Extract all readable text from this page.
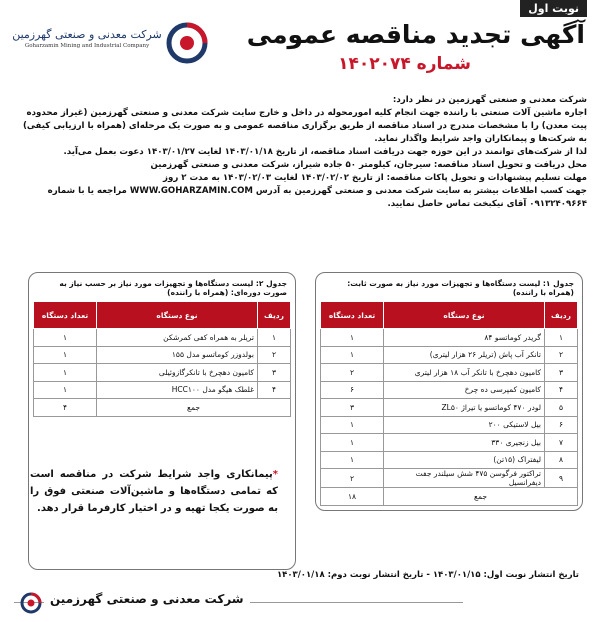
نوبت اول
آگهی تجدید مناقصه عمومی
شماره ۱۴۰۲۰۷۴
شرکت معدنی و صنعتی گهرزمین
Goharzamin Mining and Industrial Company

شرکت معدنی و صنعتی گهرزمین در نظر دارد:

اجاره ماشین آلات صنعتی با راننده جهت انجام کلیه امورمحوله در داخل و خارج سایت شرکت معدنی و صنعتی گهرزمین (غیراز محدوده پیت معدن) را با مشخصات مندرج در اسناد مناقصه از طریق برگزاری مناقصه عمومی و به صورت یک مرحله‌ای (همراه با ارزیابی کیفی) به شرکت‌ها و پیمانکاران واجد شرایط واگذار نماید.

لذا از شرکت‌های توانمند در این حوزه جهت دریافت اسناد مناقصه، از تاریخ ۱۴۰۳/۰۱/۱۸ لغایت ۱۴۰۳/۰۱/۲۷ دعوت بعمل می‌آید.

محل دریافت و تحویل اسناد مناقصه: سیرجان، کیلومتر ۵۰ جاده شیراز، شرکت معدنی و صنعتی گهرزمین

مهلت تسلیم پیشنهادات و تحویل پاکات مناقصه: از تاریخ ۱۴۰۳/۰۲/۰۲ لغایت ۱۴۰۳/۰۲/۰۳ به مدت ۲ روز

جهت کسب اطلاعات بیشتر به سایت شرکت معدنی و صنعتی گهرزمین به آدرس WWW.GOHARZAMIN.COM مراجعه یا با شماره ۰۹۱۳۲۴۰۹۶۶۴ آقای نیکبخت تماس حاصل نمایید.

جدول ۱: لیست دستگاه‌ها و تجهیزات مورد نیاز به صورت ثابت: (همراه با راننده)
ردیف	نوع دستگاه	تعداد دستگاه
۱	گریدر کوماتسو ۸۴	۱
۲	تانکر آب پاش (تریلر ۲۶ هزار لیتری)	۱
۳	کامیون دهچرخ با تانکر آب ۱۸ هزار لیتری	۲
۴	کامیون کمپرسی ده چرخ	۶
۵	لودر ۴۷۰ کوماتسو یا تیراژ ZL۵۰	۳
۶	بیل لاستیکی ۲۰۰	۱
۷	بیل زنجیری ۳۳۰	۱
۸	لیفتراک (۱۵تن)	۱
۹	تراکتور فرگوسن ۴۷۵ شش سیلندر جفت دیفرانسیل	۲
جمع		۱۸
جدول ۲: لیست دستگاه‌ها و تجهیزات مورد نیاز بر حسب نیاز به صورت دوره‌ای: (همراه با راننده)
ردیف	نوع دستگاه	تعداد دستگاه
۱	تریلر به همراه کفی کمرشکن	۱
۲	بولدوزر کوماتسو مدل ۱۵۵	۱
۳	کامیون دهچرخ با تانکرگازوئیلی	۱
۴	غلطک هیگو مدل HCC۱۰۰	۱
جمع		۴
*پیمانکاری واجد شرایط شرکت در مناقصه است که تمامی دستگاه‌ها و ماشین‌آلات صنعتی فوق را به صورت یکجا تهیه و در اختیار کارفرما قرار دهد.
تاریخ انتشار نوبت اول: ۱۴۰۳/۰۱/۱۵ - تاریخ انتشار نوبت دوم: ۱۴۰۳/۰۱/۱۸
شرکت معدنی و صنعتی گهرزمین
